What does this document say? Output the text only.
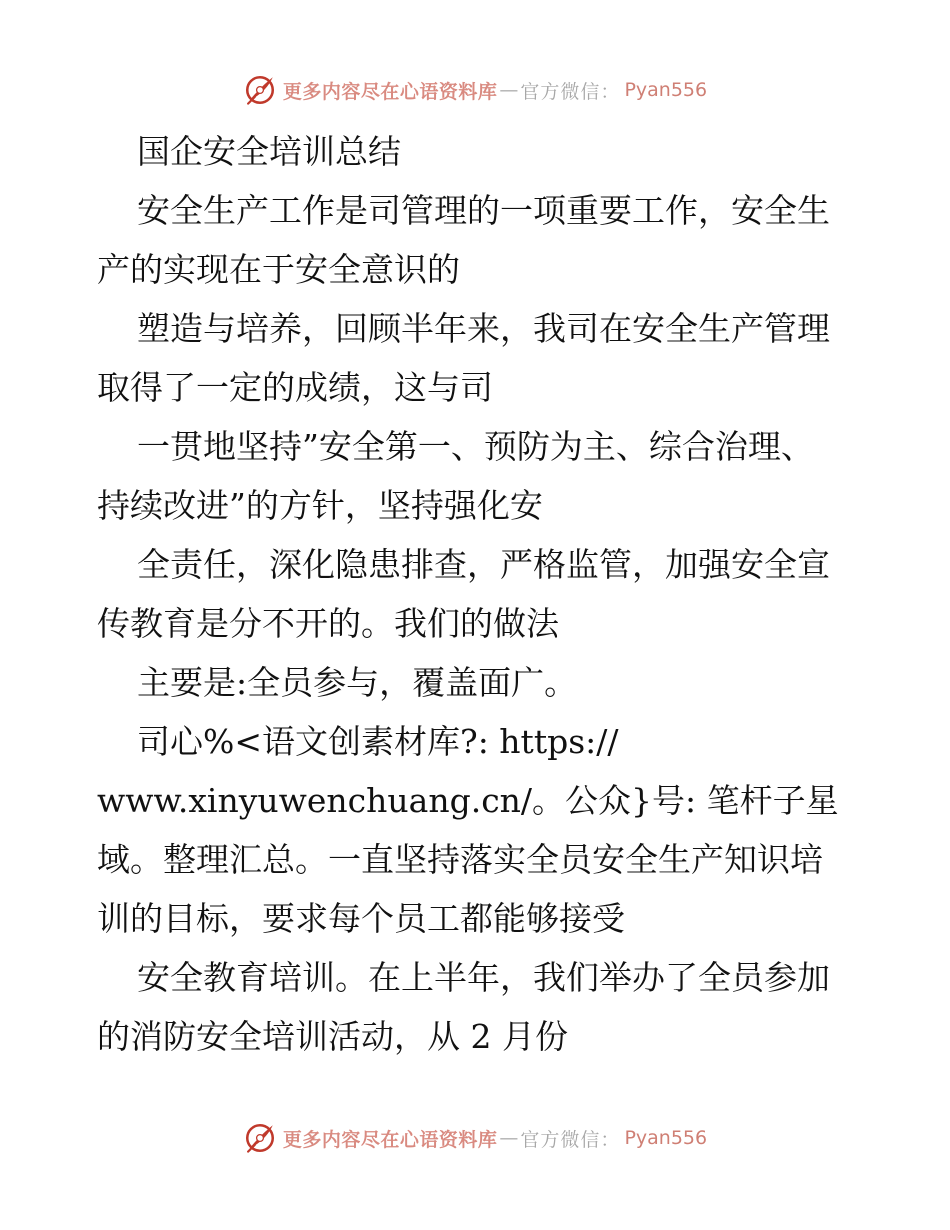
更多内容尽在心语资料库 — 官方微信： Pyan556
国企安全培训总结
安全生产工作是司管理的一项重要工作，安全生
产的实现在于安全意识的
塑造与培养，回顾半年来，我司在安全生产管理
取得了一定的成绩，这与司
一贯地坚持”安全第一、预防为主、综合治理、
持续改进”的方针，坚持强化安
全责任，深化隐患排查，严格监管，加强安全宣
传教育是分不开的。我们的做法
主要是:全员参与，覆盖面广。
司心%<语文创素材库?: https://
www.xinyuwenchuang.cn/。公众}号: 笔杆子星
域。整理汇总。一直坚持落实全员安全生产知识培
训的目标，要求每个员工都能够接受
安全教育培训。在上半年，我们举办了全员参加
的消防安全培训活动，从 2 月份
更多内容尽在心语资料库 — 官方微信： Pyan556
